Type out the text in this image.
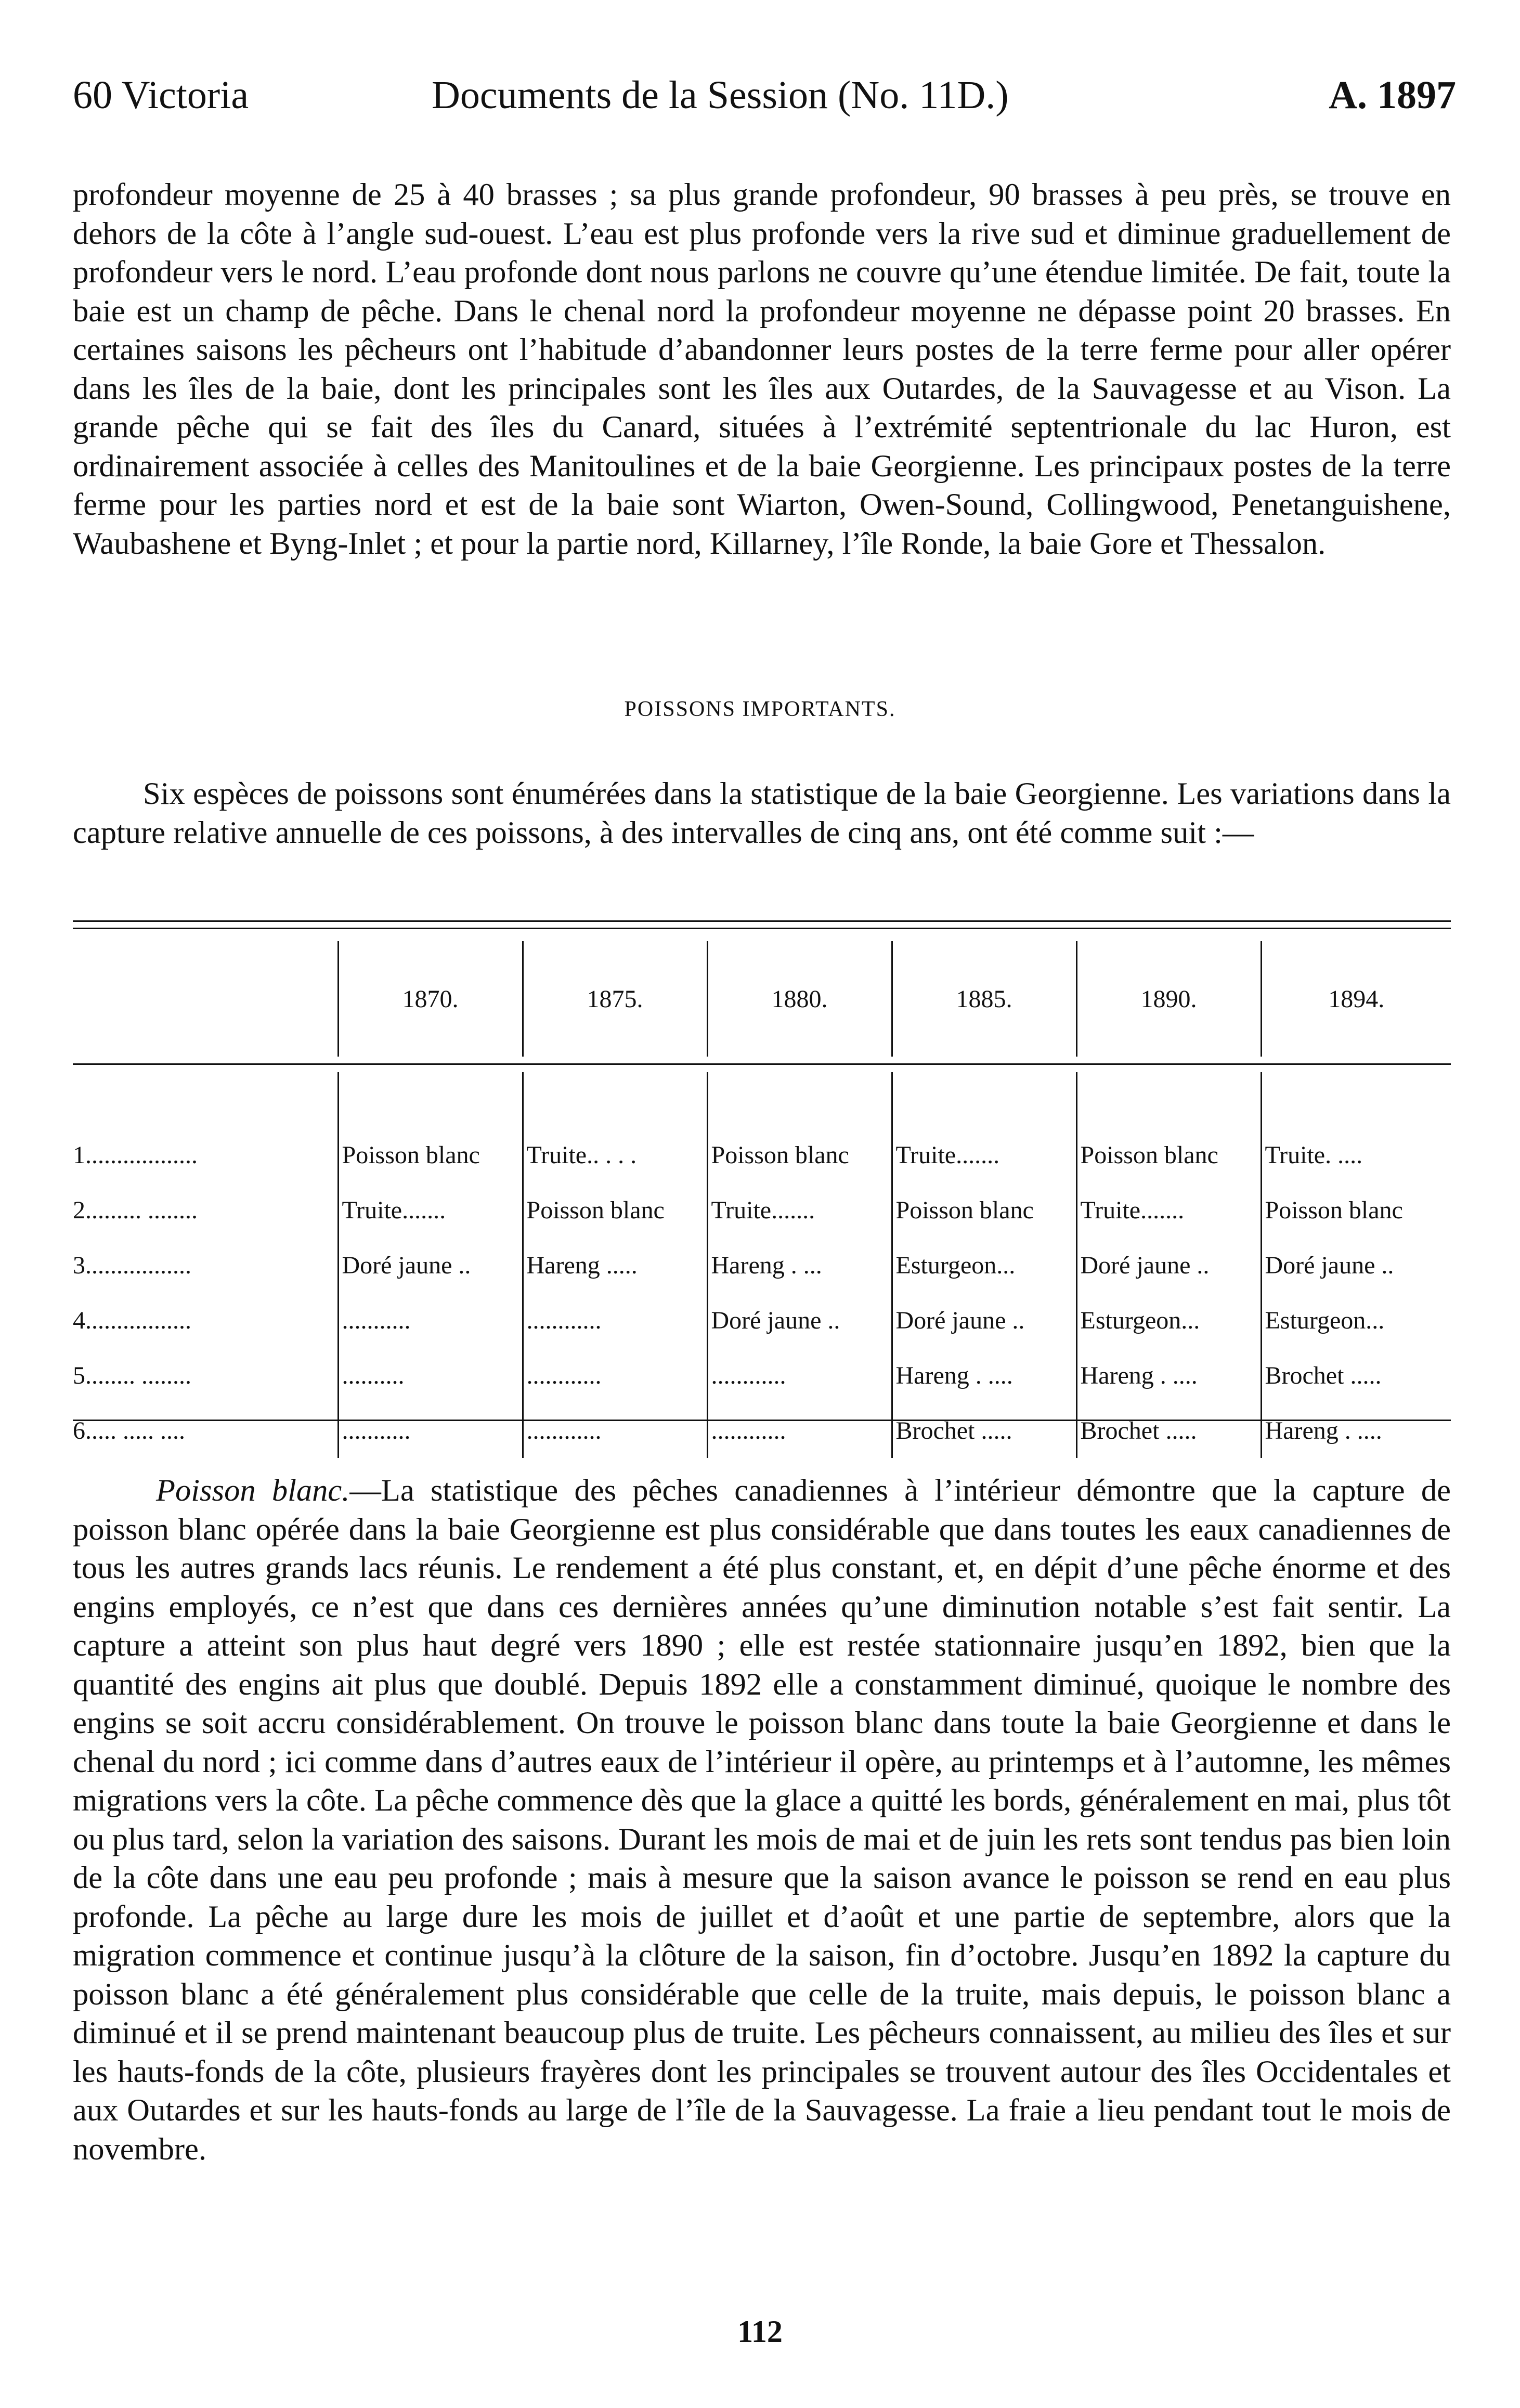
60 Victoria	Documents de la Session (No. 11D.)	A. 1897
profondeur moyenne de 25 à 40 brasses ; sa plus grande profondeur, 90 brasses à peu près, se trouve en dehors de la côte à l’angle sud-ouest. L’eau est plus profonde vers la rive sud et diminue graduellement de profondeur vers le nord. L’eau profonde dont nous parlons ne couvre qu’une étendue limitée. De fait, toute la baie est un champ de pêche. Dans le chenal nord la profondeur moyenne ne dépasse point 20 brasses. En certaines saisons les pêcheurs ont l’habitude d’abandonner leurs postes de la terre ferme pour aller opérer dans les îles de la baie, dont les principales sont les îles aux Outardes, de la Sauvagesse et au Vison. La grande pêche qui se fait des îles du Canard, situées à l’extrémité septentrionale du lac Huron, est ordinairement associée à celles des Manitoulines et de la baie Georgienne. Les principaux postes de la terre ferme pour les parties nord et est de la baie sont Wiarton, Owen-Sound, Collingwood, Penetanguishene, Waubashene et Byng-Inlet ; et pour la partie nord, Killarney, l’île Ronde, la baie Gore et Thessalon.
POISSONS IMPORTANTS.
Six espèces de poissons sont énumérées dans la statistique de la baie Georgienne. Les variations dans la capture relative annuelle de ces poissons, à des intervalles de cinq ans, ont été comme suit :—
	1870.	1875.	1880.	1885.	1890.	1894.

1..................	Poisson blanc	Truite.. . . .	Poisson blanc	Truite.......	Poisson blanc	Truite. ....
2......... ........	Truite.......	Poisson blanc	Truite.......	Poisson blanc	Truite.......	Poisson blanc
3.................	Doré jaune ..	Hareng .....	Hareng . ...	Esturgeon...	Doré jaune ..	Doré jaune ..
4.................	...........	............	Doré jaune ..	Doré jaune ..	Esturgeon...	Esturgeon...
5........ ........	..........	............	............	Hareng . ....	Hareng . ....	Brochet .....
6..... ..... ....	...........	............	............	Brochet .....	Brochet .....	Hareng . ....
Poisson blanc.—La statistique des pêches canadiennes à l’intérieur démontre que la capture de poisson blanc opérée dans la baie Georgienne est plus considérable que dans toutes les eaux canadiennes de tous les autres grands lacs réunis. Le rendement a été plus constant, et, en dépit d’une pêche énorme et des engins employés, ce n’est que dans ces dernières années qu’une diminution notable s’est fait sentir. La capture a atteint son plus haut degré vers 1890 ; elle est restée stationnaire jusqu’en 1892, bien que la quantité des engins ait plus que doublé. Depuis 1892 elle a constamment diminué, quoique le nombre des engins se soit accru considérablement. On trouve le poisson blanc dans toute la baie Georgienne et dans le chenal du nord ; ici comme dans d’autres eaux de l’intérieur il opère, au printemps et à l’automne, les mêmes migrations vers la côte. La pêche commence dès que la glace a quitté les bords, généralement en mai, plus tôt ou plus tard, selon la variation des saisons. Durant les mois de mai et de juin les rets sont tendus pas bien loin de la côte dans une eau peu profonde ; mais à mesure que la saison avance le poisson se rend en eau plus profonde. La pêche au large dure les mois de juillet et d’août et une partie de septembre, alors que la migration commence et continue jusqu’à la clôture de la saison, fin d’octobre. Jusqu’en 1892 la capture du poisson blanc a été généralement plus considérable que celle de la truite, mais depuis, le poisson blanc a diminué et il se prend maintenant beaucoup plus de truite. Les pêcheurs connaissent, au milieu des îles et sur les hauts-fonds de la côte, plusieurs frayères dont les principales se trouvent autour des îles Occidentales et aux Outardes et sur les hauts-fonds au large de l’île de la Sauvagesse. La fraie a lieu pendant tout le mois de novembre.
112
